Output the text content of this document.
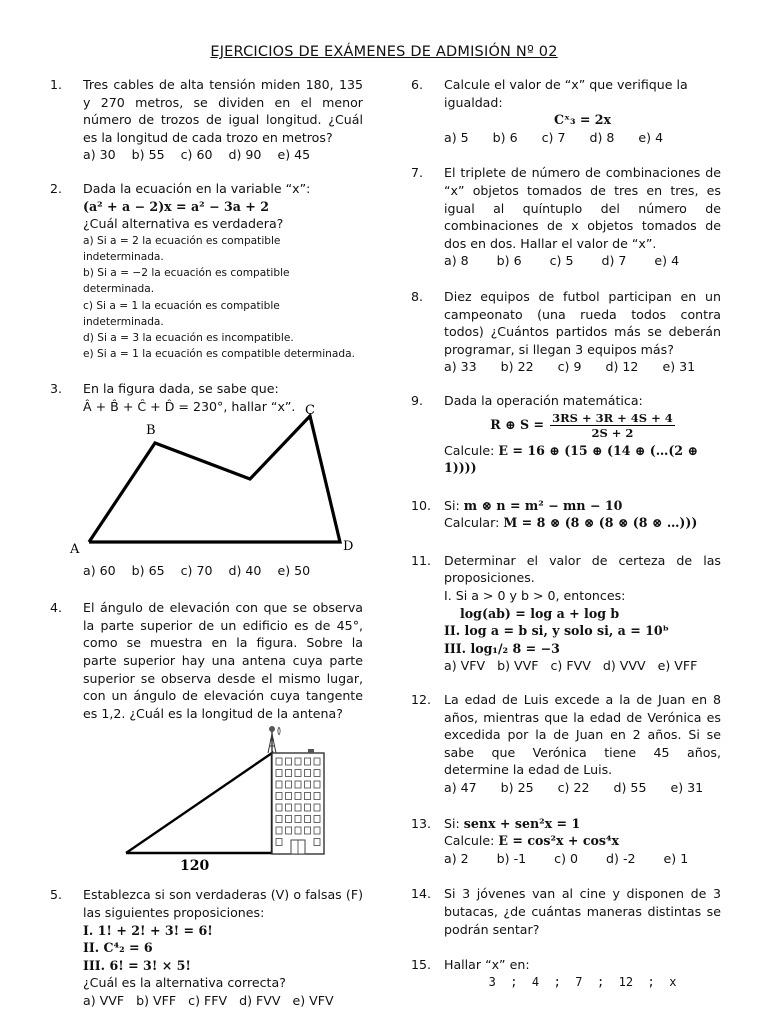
EJERCICIOS DE EXÁMENES DE ADMISIÓN Nº 02
1. Tres cables de alta tensión miden 180, 135 y 270 metros, se dividen en el menor número de trozos de igual longitud. ¿Cuál es la longitud de cada trozo en metros?
a) 30    b) 55    c) 60    d) 90    e) 45
2. Dada la ecuación en la variable “x”:
(a² + a − 2)x = a² − 3a + 2
¿Cuál alternativa es verdadera?
a) Si a = 2 la ecuación es compatible indeterminada.
b) Si a = −2 la ecuación es compatible determinada.
c) Si a = 1 la ecuación es compatible indeterminada.
d) Si a = 3 la ecuación es incompatible.
e) Si a = 1 la ecuación es compatible determinada.
3. En la figura dada, se sabe que:
Â + B̂ + Ĉ + D̂ = 230°, hallar “x”.
A
B
C
D
a) 60    b) 65    c) 70    d) 40    e) 50
4. El ángulo de elevación con que se observa la parte superior de un edificio es de 45°, como se muestra en la figura. Sobre la parte superior hay una antena cuya parte superior se observa desde el mismo lugar, con un ángulo de elevación cuya tangente es 1,2. ¿Cuál es la longitud de la antena?
120
5. Establezca si son verdaderas (V) o falsas (F) las siguientes proposiciones:
I. 1! + 2! + 3! = 6!
II. C⁴₂ = 6
III. 6! = 3! × 5!
¿Cuál es la alternativa correcta?
a) VVF   b) VFF   c) FFV   d) FVV   e) VFV
6. Calcule el valor de “x” que verifique la igualdad:
Cˣ₃ = 2x
a) 5      b) 6      c) 7      d) 8      e) 4
7. El triplete de número de combinaciones de “x” objetos tomados de tres en tres, es igual al quíntuplo del número de combinaciones de x objetos tomados de dos en dos. Hallar el valor de “x”.
a) 8       b) 6       c) 5       d) 7       e) 4
8. Diez equipos de futbol participan en un campeonato (una rueda todos contra todos) ¿Cuántos partidos más se deberán programar, si llegan 3 equipos más?
a) 33      b) 22      c) 9      d) 12      e) 31
9. Dada la operación matemática:
R ⊕ $S = \frac{3RS + 3R + 4S + 4}{2S + 2}$
Calcule: E = 16 ⊕ (15 ⊕ (14 ⊕ (…(2 ⊕ 1))))
10. Si: m ⊗ n = m² − mn − 10
Calcular: M = 8 ⊗ (8 ⊗ (8 ⊗ (8 ⊗ …)))
11. Determinar el valor de certeza de las proposiciones.
I. Si a > 0 y b > 0, entonces:
log(ab) = log a + log b
II. log a = b si, y solo si, a = 10ᵇ
III. log₁/₂ 8 = −3
a) VFV   b) VVF   c) FVV   d) VVV   e) VFF
12. La edad de Luis excede a la de Juan en 8 años, mientras que la edad de Verónica es excedida por la de Juan en 2 años. Si se sabe que Verónica tiene 45 años, determine la edad de Luis.
a) 47      b) 25      c) 22      d) 55      e) 31
13. Si: senx + sen²x = 1
Calcule: E = cos²x + cos⁴x
a) 2       b) -1       c) 0       d) -2       e) 1
14. Si 3 jóvenes van al cine y disponen de 3 butacas, ¿de cuántas maneras distintas se podrán sentar?
15. Hallar “x” en:
3  ;  4  ;  7  ;  12  ;  x
